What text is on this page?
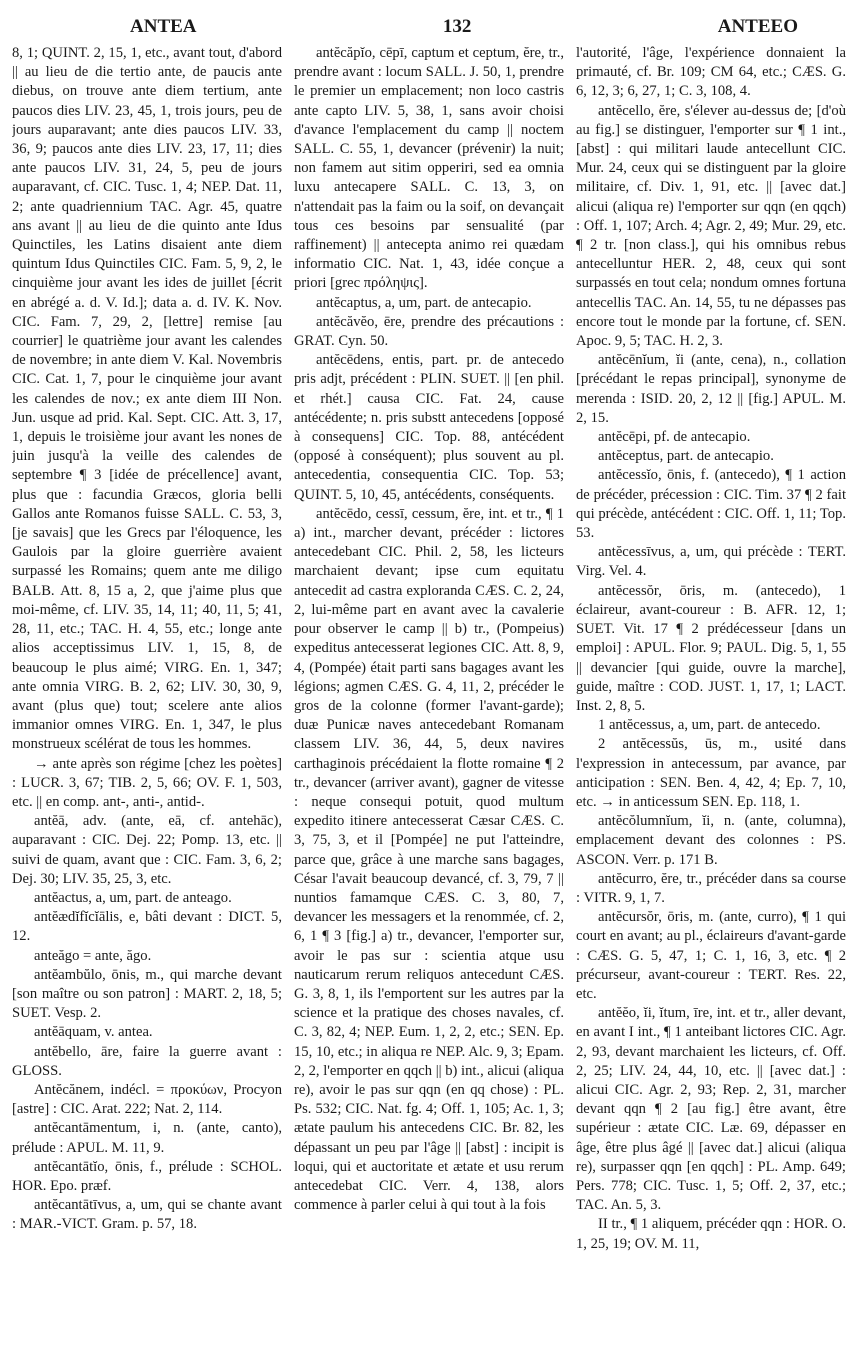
ANTEA	132	ANTEEO

8, 1; QUINT. 2, 15, 1, etc., avant tout, d'abord || au lieu de die tertio ante, de paucis ante diebus, on trouve ante diem tertium, ante paucos dies LIV. 23, 45, 1, trois jours, peu de jours auparavant; ante dies paucos LIV. 33, 36, 9; paucos ante dies LIV. 23, 17, 11; dies ante paucos LIV. 31, 24, 5, peu de jours auparavant, cf. CIC. Tusc. 1, 4; NEP. Dat. 11, 2; ante quadriennium TAC. Agr. 45, quatre ans avant || au lieu de die quinto ante Idus Quinctiles, les Latins disaient ante diem quintum Idus Quinctiles CIC. Fam. 5, 9, 2, le cinquième jour avant les ides de juillet [écrit en abrégé a. d. V. Id.]; data a. d. IV. K. Nov. CIC. Fam. 7, 29, 2, [lettre] remise [au courrier] le quatrième jour avant les calendes de novembre; in ante diem V. Kal. Novembris CIC. Cat. 1, 7, pour le cinquième jour avant les calendes de nov.; ex ante diem III Non. Jun. usque ad prid. Kal. Sept. CIC. Att. 3, 17, 1, depuis le troisième jour avant les nones de juin jusqu'à la veille des calendes de septembre ¶ 3 [idée de précellence] avant, plus que : facundia Græcos, gloria belli Gallos ante Romanos fuisse SALL. C. 53, 3, [je savais] que les Grecs par l'éloquence, les Gaulois par la gloire guerrière avaient surpassé les Romains; quem ante me diligo BALB. Att. 8, 15 a, 2, que j'aime plus que moi-même, cf. LIV. 35, 14, 11; 40, 11, 5; 41, 28, 11, etc.; TAC. H. 4, 55, etc.; longe ante alios acceptissimus LIV. 1, 15, 8, de beaucoup le plus aimé; VIRG. En. 1, 347; ante omnia VIRG. B. 2, 62; LIV. 30, 30, 9, avant (plus que) tout; scelere ante alios immanior omnes VIRG. En. 1, 347, le plus monstrueux scélérat de tous les hommes.

→ ante après son régime [chez les poètes] : LUCR. 3, 67; TIB. 2, 5, 66; OV. F. 1, 503, etc. || en comp. ant-, anti-, antid-.

antĕā, adv. (ante, eā, cf. antehāc), auparavant : CIC. Dej. 22; Pomp. 13, etc. || suivi de quam, avant que : CIC. Fam. 3, 6, 2; Dej. 30; LIV. 35, 25, 3, etc.

antĕactus, a, um, part. de anteago.

antĕædĭfĭcĭālis, e, bâti devant : DICT. 5, 12.

anteăgo = ante, ăgo.

antĕambŭlo, ōnis, m., qui marche devant [son maître ou son patron] : MART. 2, 18, 5; SUET. Vesp. 2.

antĕāquam, v. antea.

antĕbello, āre, faire la guerre avant : GLOSS.

Antĕcănem, indécl. = προκύων, Procyon [astre] : CIC. Arat. 222; Nat. 2, 114.

antĕcantāmentum, i, n. (ante, canto), prélude : APUL. M. 11, 9.

antĕcantātĭo, ōnis, f., prélude : SCHOL. HOR. Epo. præf.

antĕcantātīvus, a, um, qui se chante avant : MAR.-VICT. Gram. p. 57, 18.

antĕcăpĭo, cēpī, captum et ceptum, ĕre, tr., prendre avant : locum SALL. J. 50, 1, prendre le premier un emplacement; non loco castris ante capto LIV. 5, 38, 1, sans avoir choisi d'avance l'emplacement du camp || noctem SALL. C. 55, 1, devancer (prévenir) la nuit; non famem aut sitim opperiri, sed ea omnia luxu antecapere SALL. C. 13, 3, on n'attendait pas la faim ou la soif, on devançait tous ces besoins par sensualité (par raffinement) || antecepta animo rei quædam informatio CIC. Nat. 1, 43, idée conçue a priori [grec πρόληψις].

antĕcaptus, a, um, part. de antecapio.

antĕcăvĕo, ēre, prendre des précautions : GRAT. Cyn. 50.

antĕcēdens, entis, part. pr. de antecedo pris adjt, précédent : PLIN. SUET. || [en phil. et rhét.] causa CIC. Fat. 24, cause antécédente; n. pris substt antecedens [opposé à consequens] CIC. Top. 88, antécédent (opposé à conséquent); plus souvent au pl. antecedentia, consequentia CIC. Top. 53; QUINT. 5, 10, 45, antécédents, conséquents.

antĕcēdo, cessī, cessum, ĕre, int. et tr., ¶ 1 a) int., marcher devant, précéder : lictores antecedebant CIC. Phil. 2, 58, les licteurs marchaient devant; ipse cum equitatu antecedit ad castra exploranda CÆS. C. 2, 24, 2, lui-même part en avant avec la cavalerie pour observer le camp || b) tr., (Pompeius) expeditus antecesserat legiones CIC. Att. 8, 9, 4, (Pompée) était parti sans bagages avant les légions; agmen CÆS. G. 4, 11, 2, précéder le gros de la colonne (former l'avant-garde); duæ Punicæ naves antecedebant Romanam classem LIV. 36, 44, 5, deux navires carthaginois précédaient la flotte romaine ¶ 2 tr., devancer (arriver avant), gagner de vitesse : neque consequi potuit, quod multum expedito itinere antecesserat Cæsar CÆS. C. 3, 75, 3, et il [Pompée] ne put l'atteindre, parce que, grâce à une marche sans bagages, César l'avait beaucoup devancé, cf. 3, 79, 7 || nuntios famamque CÆS. C. 3, 80, 7, devancer les messagers et la renommée, cf. 2, 6, 1 ¶ 3 [fig.] a) tr., devancer, l'emporter sur, avoir le pas sur : scientia atque usu nauticarum rerum reliquos antecedunt CÆS. G. 3, 8, 1, ils l'emportent sur les autres par la science et la pratique des choses navales, cf. C. 3, 82, 4; NEP. Eum. 1, 2, 2, etc.; SEN. Ep. 15, 10, etc.; in aliqua re NEP. Alc. 9, 3; Epam. 2, 2, l'emporter en qqch || b) int., alicui (aliqua re), avoir le pas sur qqn (en qq chose) : PL. Ps. 532; CIC. Nat. fg. 4; Off. 1, 105; Ac. 1, 3; ætate paulum his antecedens CIC. Br. 82, les dépassant un peu par l'âge || [abst] : incipit is loqui, qui et auctoritate et ætate et usu rerum antecedebat CIC. Verr. 4, 138, alors commence à parler celui à qui tout à la fois

l'autorité, l'âge, l'expérience donnaient la primauté, cf. Br. 109; CM 64, etc.; CÆS. G. 6, 12, 3; 6, 27, 1; C. 3, 108, 4.

antĕcello, ĕre, s'élever au-dessus de; [d'où au fig.] se distinguer, l'emporter sur ¶ 1 int., [abst] : qui militari laude antecellunt CIC. Mur. 24, ceux qui se distinguent par la gloire militaire, cf. Div. 1, 91, etc. || [avec dat.] alicui (aliqua re) l'emporter sur qqn (en qqch) : Off. 1, 107; Arch. 4; Agr. 2, 49; Mur. 29, etc. ¶ 2 tr. [non class.], qui his omnibus rebus antecelluntur HER. 2, 48, ceux qui sont surpassés en tout cela; nondum omnes fortuna antecellis TAC. An. 14, 55, tu ne dépasses pas encore tout le monde par la fortune, cf. SEN. Apoc. 9, 5; TAC. H. 2, 3.

antĕcēnĭum, ĭi (ante, cena), n., collation [précédant le repas principal], synonyme de merenda : ISID. 20, 2, 12 || [fig.] APUL. M. 2, 15.

antĕcēpi, pf. de antecapio.

antĕceptus, part. de antecapio.

antĕcessĭo, ōnis, f. (antecedo), ¶ 1 action de précéder, précession : CIC. Tim. 37 ¶ 2 fait qui précède, antécédent : CIC. Off. 1, 11; Top. 53.

antĕcessīvus, a, um, qui précède : TERT. Virg. Vel. 4.

antĕcessŏr, ōris, m. (antecedo), 1 éclaireur, avant-coureur : B. AFR. 12, 1; SUET. Vit. 17 ¶ 2 prédécesseur [dans un emploi] : APUL. Flor. 9; PAUL. Dig. 5, 1, 55 || devancier [qui guide, ouvre la marche], guide, maître : COD. JUST. 1, 17, 1; LACT. Inst. 2, 8, 5.

1 antĕcessus, a, um, part. de antecedo.

2 antĕcessŭs, ūs, m., usité dans l'expression in antecessum, par avance, par anticipation : SEN. Ben. 4, 42, 4; Ep. 7, 10, etc. → in anticessum SEN. Ep. 118, 1.

antĕcŏlumnĭum, ĭi, n. (ante, columna), emplacement devant des colonnes : PS. ASCON. Verr. p. 171 B.

antĕcurro, ĕre, tr., précéder dans sa course : VITR. 9, 1, 7.

antĕcursŏr, ōris, m. (ante, curro), ¶ 1 qui court en avant; au pl., éclaireurs d'avant-garde : CÆS. G. 5, 47, 1; C. 1, 16, 3, etc. ¶ 2 précurseur, avant-coureur : TERT. Res. 22, etc.

antĕĕo, ĭi, ĭtum, īre, int. et tr., aller devant, en avant I int., ¶ 1 anteibant lictores CIC. Agr. 2, 93, devant marchaient les licteurs, cf. Off. 2, 25; LIV. 24, 44, 10, etc. || [avec dat.] : alicui CIC. Agr. 2, 93; Rep. 2, 31, marcher devant qqn ¶ 2 [au fig.] être avant, être supérieur : ætate CIC. Læ. 69, dépasser en âge, être plus âgé || [avec dat.] alicui (aliqua re), surpasser qqn [en qqch] : PL. Amp. 649; Pers. 778; CIC. Tusc. 1, 5; Off. 2, 37, etc.; TAC. An. 5, 3.

II tr., ¶ 1 aliquem, précéder qqn : HOR. O. 1, 25, 19; OV. M. 11,
